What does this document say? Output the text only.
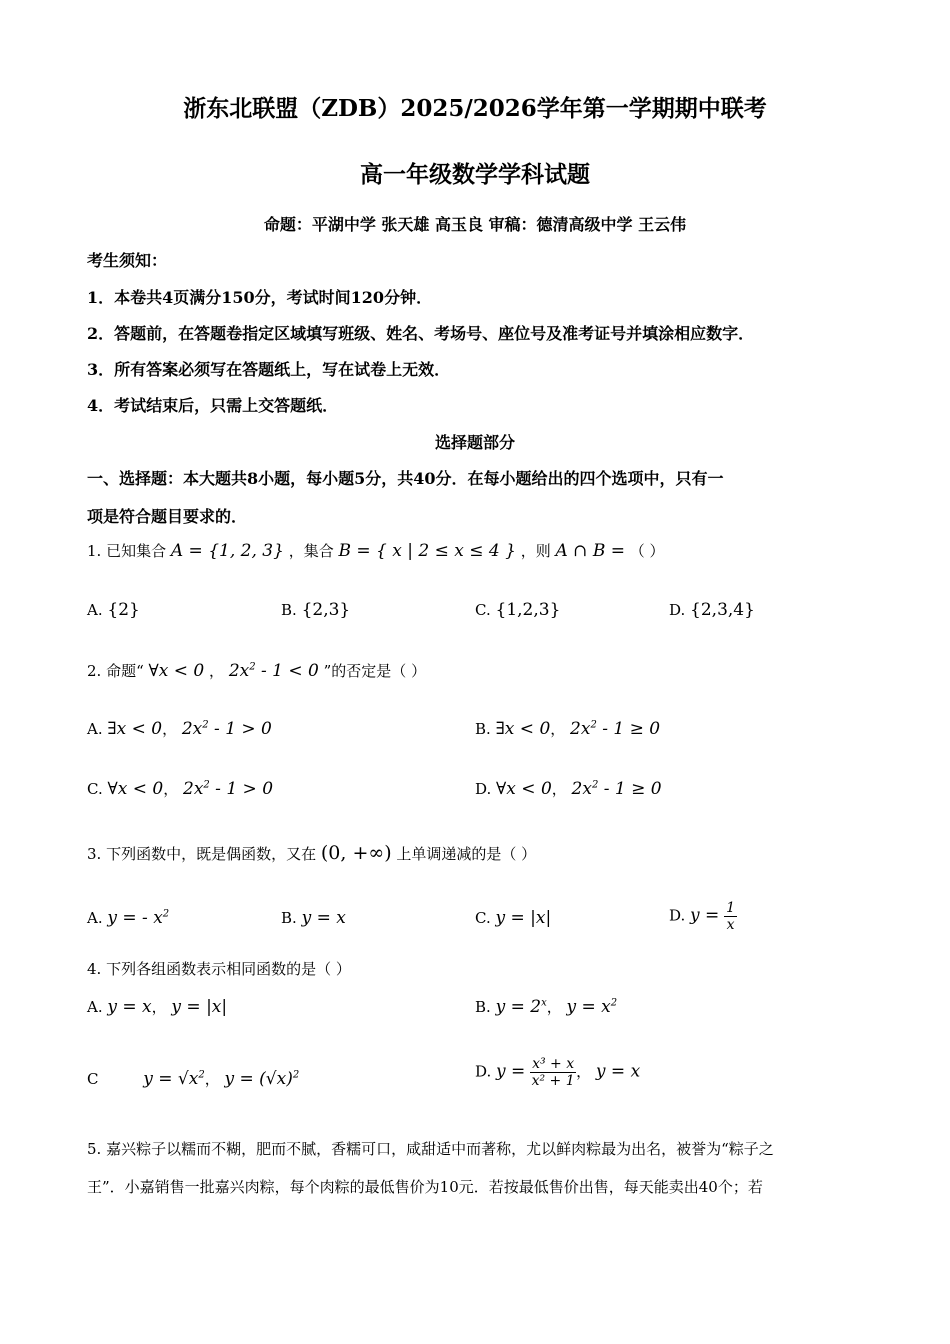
浙东北联盟（ZDB）2025/2026学年第一学期期中联考
高一年级数学学科试题
命题：平湖中学 张天雄 高玉良 审稿：德清高级中学 王云伟
考生须知：
1．本卷共4页满分150分，考试时间120分钟．
2．答题前，在答题卷指定区域填写班级、姓名、考场号、座位号及准考证号并填涂相应数字．
3．所有答案必须写在答题纸上，写在试卷上无效．
4．考试结束后，只需上交答题纸．
选择题部分
一、选择题：本大题共8小题，每小题5分，共40分．在每小题给出的四个选项中，只有一
项是符合题目要求的．
1. 已知集合 A = {1, 2, 3} ，集合 B = { x | 2 ≤ x ≤ 4 } ，则 A ∩ B = （ ）
A. {2}	B. {2,3}	C. {1,2,3}	D. {2,3,4}
2. 命题“ ∀x < 0 ， $2x^2 - 1 < 0$ ”的否定是（ ）
A. ∃x < 0， $2x^2 - 1 > 0$	B. ∃x < 0， $2x^2 - 1 \ge 0$
C. ∀x < 0， $2x^2 - 1 > 0$	D. ∀x < 0， $2x^2 - 1 \ge 0$
3. 下列函数中，既是偶函数，又在 (0, +∞) 上单调递减的是（ ）
A. y = - $x^2$	B. y = x	C. y = |x|	D. $y = \frac{1}{x}$
4. 下列各组函数表示相同函数的是（ ）
A. y = x， y = |x|	B. $y = 2^x$， $y = x^2$
C	$y = √x^2$， $y = (√x)^2$	D. $y = \frac{\text{x³ + x}}{\text{x² + 1}}$ ， y = x
5. 嘉兴粽子以糯而不糊，肥而不腻，香糯可口，咸甜适中而著称，尤以鲜肉粽最为出名，被誉为“粽子之
王”．小嘉销售一批嘉兴肉粽，每个肉粽的最低售价为10元．若按最低售价出售，每天能卖出40个；若
